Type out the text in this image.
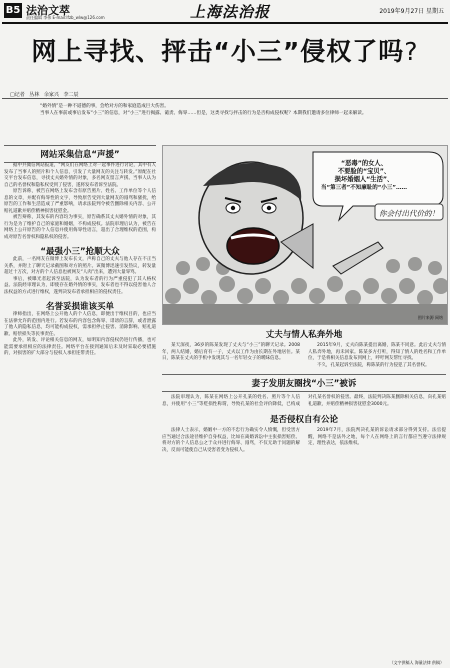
B5 法治文萃
责任编辑 李伟 E-mail:lfzb_wlw@126.com	上海法治报	2019年9月27日 星期五
网上寻找、抨击“小三”侵权了吗?
□记者 丛林 余家兴 李二辰

“婚外情”是一种不道德的事，会给对方的和家庭造成巨大伤害。

当事人在事前或事后发布“小三”的信息，对“小三”进行揭露、谴责、侮辱……但是，这类寻找与抨击的行为是否构成侵权呢？本期我们邀请多位律师一起来解读。

“恶毒”的女人、
不要脸的“宝贝”、
损坏婚姻人“生活”、
当“第三者”不知廉耻的“小三”……
你会付出代价的！
图片来源 网络
网站采集信息“声援”

据中共微信网站报道，“网友们在网络上对一起事件进行讨论，其中有人发布了当事人的照片和个人信息，引发了大量网友的关注与转发。”原配在社交平台发布信息，寻找丈夫婚外情的对象，多名网友留言声援。当事人认为自己的名誉权和隐私权受到了侵害，遂将发布者诉至法院。

原告诉称，被告在网络上发布含有原告照片、姓名、工作单位等个人信息的文章，并配有侮辱性的文字，导致原告受到大量网友的谩骂和骚扰，给原告的工作和生活造成了严重影响，请求法院判令被告删除相关内容、公开赔礼道歉并赔偿精神损害抚慰金。

被告辩称，其发布的内容均为事实，原告确系其丈夫婚外情的对象，其行为是为了维护自己的家庭和婚姻，不构成侵权。法院审理后认为，被告在网络上公开原告的个人信息并使用侮辱性语言，超出了合理维权的范围，构成对原告名誉权和隐私权的侵害。

“最强小三”抢顺大众

此前，一名网友在微博上发布长文，声称自己的丈夫与他人存在不正当关系，并附上了聊天记录截图和对方的照片。该微博迅速引发热议，转发量超过十万次，对方的个人信息也被网友“人肉”出来，遭到大量辱骂。

事后，被曝光者起诉至法院，认为发布者的行为严重侵犯了其人格权益。法院经审理认为，即使存在婚外情的事实，发布者也不得以侵害他人合法权益的方式进行维权，遂判决发布者承担相应的侵权责任。

名誉妥损谁该买单

律师指出，在网络上公开他人的个人信息，即便出于维权目的，也应当在法律允许的范围内进行。若发布的内容包含侮辱、诽谤的言辞，或者泄露了他人的隐私信息，均可能构成侵权，需承担停止侵害、消除影响、赔礼道歉、赔偿损失等民事责任。

此外，转发、评论相关信息的网友，如明知内容侵权仍进行传播，也可能需要承担相应的法律责任。网络平台在接到通知后未及时采取必要措施的，对损害的扩大部分与侵权人承担连带责任。

丈夫与情人私奔外地

某天深夜，36岁的陈某发现了丈夫与“小三”的聊天记录。2008年，两人结婚，婚后育有一子，丈夫以工作为由长期在外地居住。某日，陈某在丈夫的手机中发现其与一名年轻女子的暧昧信息。

2015年9月，丈夫向陈某提出离婚，陈某不同意。此后丈夫与情人私奔外地，再未回家。陈某多方打听，得知了情人的姓名和工作单位，于是将相关信息发布到网上，呼吁网友帮忙寻找。

不久，孔某起诉至法院，称陈某的行为侵犯了其名誉权。

妻子发朋友圈找“小三”被诉

法院审理认为，陈某在网络上公开孔某的姓名、照片等个人信息，并使用“小三”等贬损性称谓，导致孔某的社会评价降低，已构成对孔某名誉权的侵害。最终，法院判决陈某删除相关信息，向孔某赔礼道歉，并赔偿精神损害抚慰金3000元。

是否侵权自有公论

法律人士表示，婚姻中一方的不忠行为确实令人愤慨，但受害方应当通过合法途径维护自身权益，比如在离婚诉讼中主张损害赔偿。将对方的个人信息公之于众并进行侮辱、谩骂，不仅无助于问题的解决，反而可能使自己从受害者变为侵权人。

2019年7月，法院判决孔某的诉讼请求部分得到支持。法官提醒，网络不是法外之地，每个人在网络上的言行都应当遵守法律规定，理性表达，依法维权。

（文字供稿人 海量法律 供稿）
